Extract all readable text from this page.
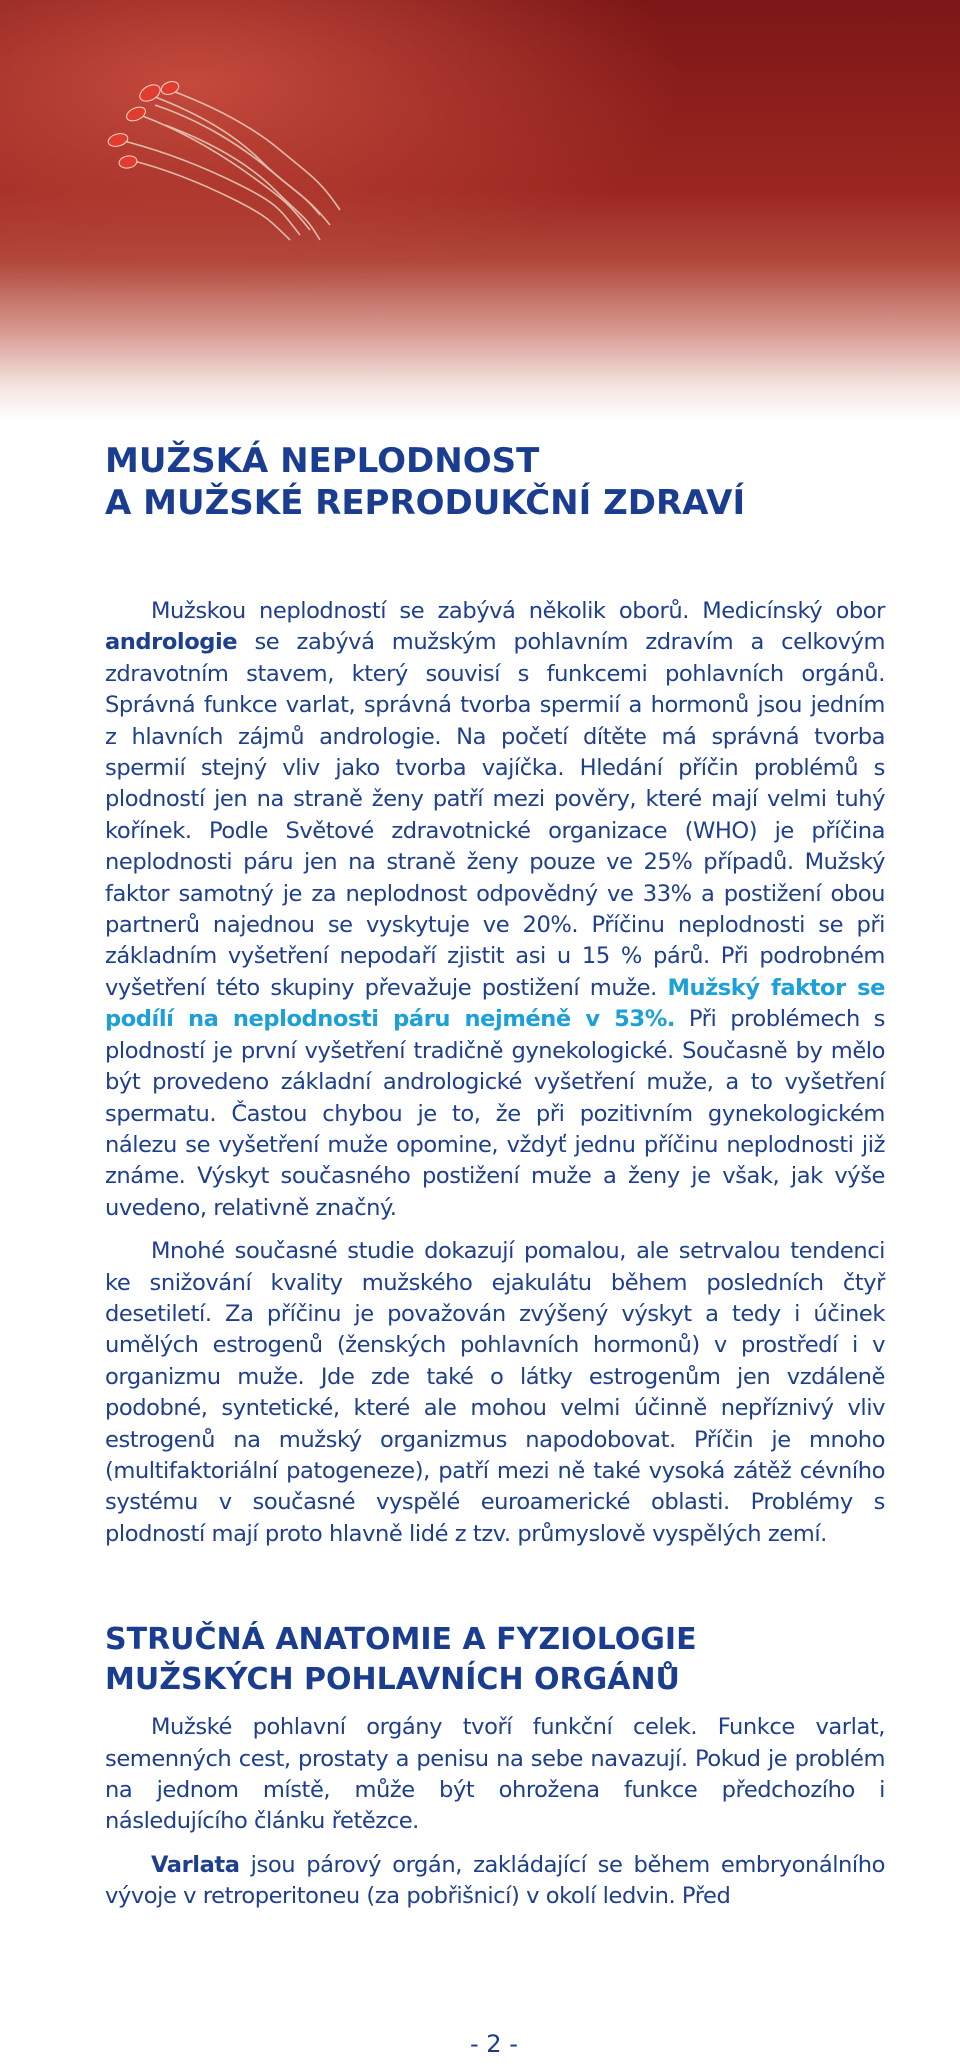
MUŽSKÁ NEPLODNOST
A MUŽSKÉ REPRODUKČNÍ ZDRAVÍ

Mužskou neplodností se zabývá několik oborů. Medicínský obor andrologie se zabývá mužským pohlavním zdravím a celkovým zdravotním stavem, který souvisí s funkcemi pohlavních orgánů. Správná funkce varlat, správná tvorba spermií a hormonů jsou jedním z hlavních zájmů andrologie. Na početí dítěte má správná tvorba spermií stejný vliv jako tvorba vajíčka. Hledání příčin problémů s plodností jen na straně ženy patří mezi pověry, které mají velmi tuhý kořínek. Podle Světové zdravotnické organizace (WHO) je příčina neplodnosti páru jen na straně ženy pouze ve 25% případů. Mužský faktor samotný je za neplodnost odpovědný ve 33% a postižení obou partnerů najednou se vyskytuje ve 20%. Příčinu neplodnosti se při základním vyšetření nepodaří zjistit asi u 15 % párů. Při podrobném vyšetření této skupiny převažuje postižení muže. Mužský faktor se podílí na neplodnosti páru nejméně v 53%. Při problémech s plodností je první vyšetření tradičně gynekologické. Současně by mělo být provedeno základní andrologické vyšetření muže, a to vyšetření spermatu. Častou chybou je to, že při pozitivním gynekologickém nálezu se vyšetření muže opomine, vždyť jednu příčinu neplodnosti již známe. Výskyt současného postižení muže a ženy je však, jak výše uvedeno, relativně značný.

Mnohé současné studie dokazují pomalou, ale setrvalou tendenci ke snižování kvality mužského ejakulátu během posledních čtyř desetiletí. Za příčinu je považován zvýšený výskyt a tedy i účinek umělých estrogenů (ženských pohlavních hormonů) v prostředí i v organizmu muže. Jde zde také o látky estrogenům jen vzdáleně podobné, syntetické, které ale mohou velmi účinně nepříznivý vliv estrogenů na mužský organizmus napodobovat. Příčin je mnoho (multifaktoriální patogeneze), patří mezi ně také vysoká zátěž cévního systému v současné vyspělé euroamerické oblasti. Problémy s plodností mají proto hlavně lidé z tzv. průmyslově vyspělých zemí.

STRUČNÁ ANATOMIE A FYZIOLOGIE
MUŽSKÝCH POHLAVNÍCH ORGÁNŮ

Mužské pohlavní orgány tvoří funkční celek. Funkce varlat, semenných cest, prostaty a penisu na sebe navazují. Pokud je problém na jednom místě, může být ohrožena funkce předchozího i následujícího článku řetězce.

Varlata jsou párový orgán, zakládající se během embryonálního vývoje v retroperitoneu (za pobřišnicí) v okolí ledvin. Před

- 2 -
